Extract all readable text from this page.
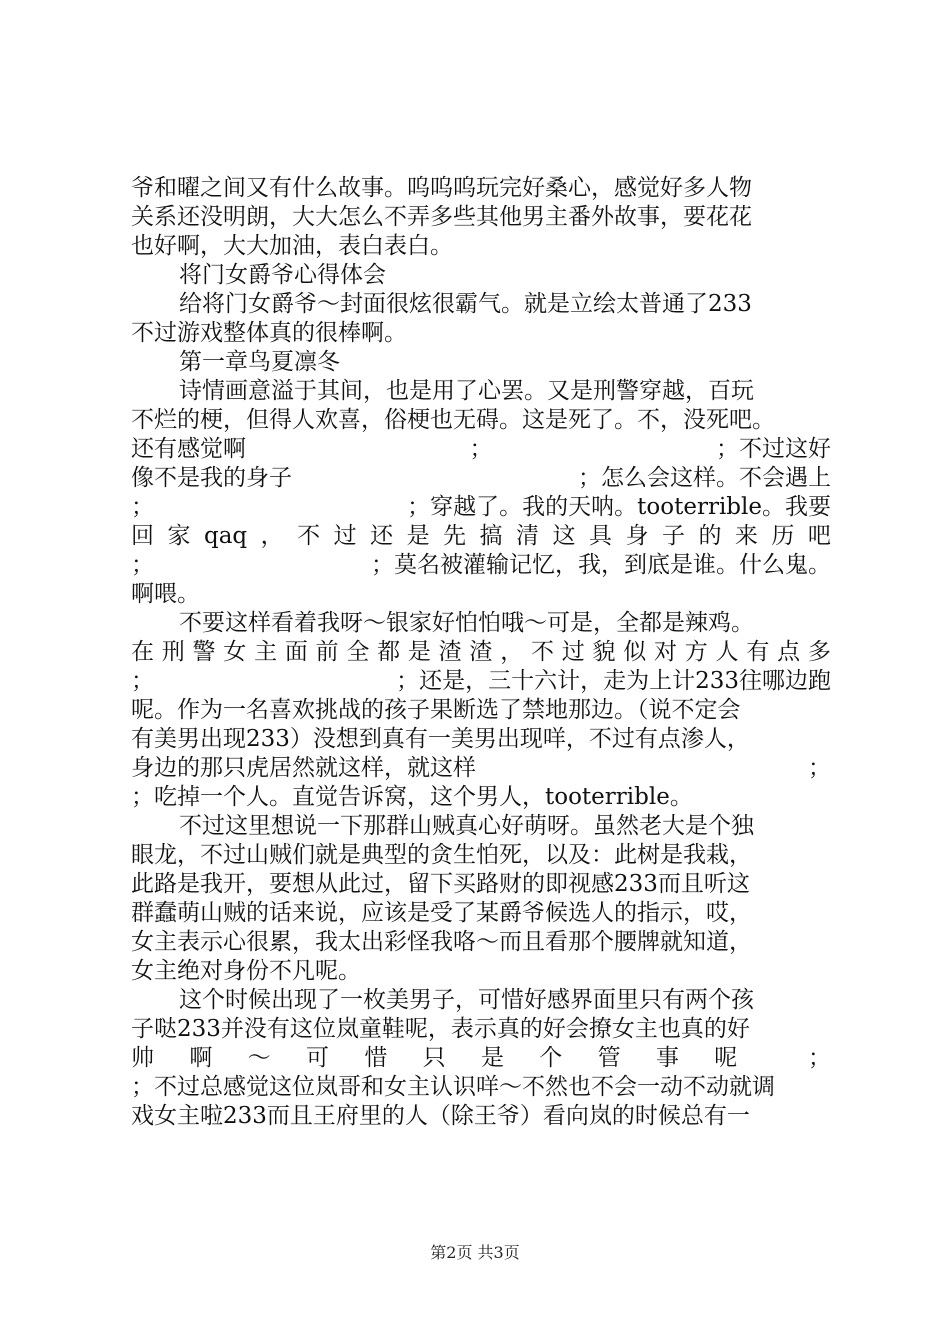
爷和曜之间又有什么故事。呜呜呜玩完好桑心，感觉好多人物
关系还没明朗，大大怎么不弄多些其他男主番外故事，要花花
也好啊，大大加油，表白表白。
将门女爵爷心得体会
给将门女爵爷～封面很炫很霸气。就是立绘太普通了233
不过游戏整体真的很棒啊。
第一章鸟夏凛冬
诗情画意溢于其间，也是用了心罢。又是刑警穿越，百玩
不烂的梗，但得人欢喜，俗梗也无碍。这是死了。不，没死吧。
还有感觉啊	；	；不过这好
像不是我的身子	；怎么会这样。不会遇上
；	；穿越了。我的天呐。tooterrible。我要
回 家 qaq ， 不 过 还 是 先 搞 清 这 具 身 子 的 来 历 吧
；	；莫名被灌输记忆，我，到底是谁。什么鬼。
啊喂。
不要这样看着我呀～银家好怕怕哦～可是，全都是辣鸡。
在 刑 警 女 主 面 前 全 都 是 渣 渣 ， 不 过 貌 似 对 方 人 有 点 多
；	；还是，三十六计，走为上计233往哪边跑
呢。作为一名喜欢挑战的孩子果断选了禁地那边。（说不定会
有美男出现233）没想到真有一美男出现咩，不过有点渗人，
身边的那只虎居然就这样，就这样	；
；吃掉一个人。直觉告诉窝，这个男人，tooterrible。
不过这里想说一下那群山贼真心好萌呀。虽然老大是个独
眼龙，不过山贼们就是典型的贪生怕死，以及：此树是我栽，
此路是我开，要想从此过，留下买路财的即视感233而且听这
群蠢萌山贼的话来说，应该是受了某爵爷候选人的指示，哎，
女主表示心很累，我太出彩怪我咯～而且看那个腰牌就知道，
女主绝对身份不凡呢。
这个时候出现了一枚美男子，可惜好感界面里只有两个孩
子哒233并没有这位岚童鞋呢，表示真的好会撩女主也真的好
帅 啊 ～ 可 惜 只 是 个 管 事 呢	；
；不过总感觉这位岚哥和女主认识咩～不然也不会一动不动就调
戏女主啦233而且王府里的人（除王爷）看向岚的时候总有一
第2页 共3页
